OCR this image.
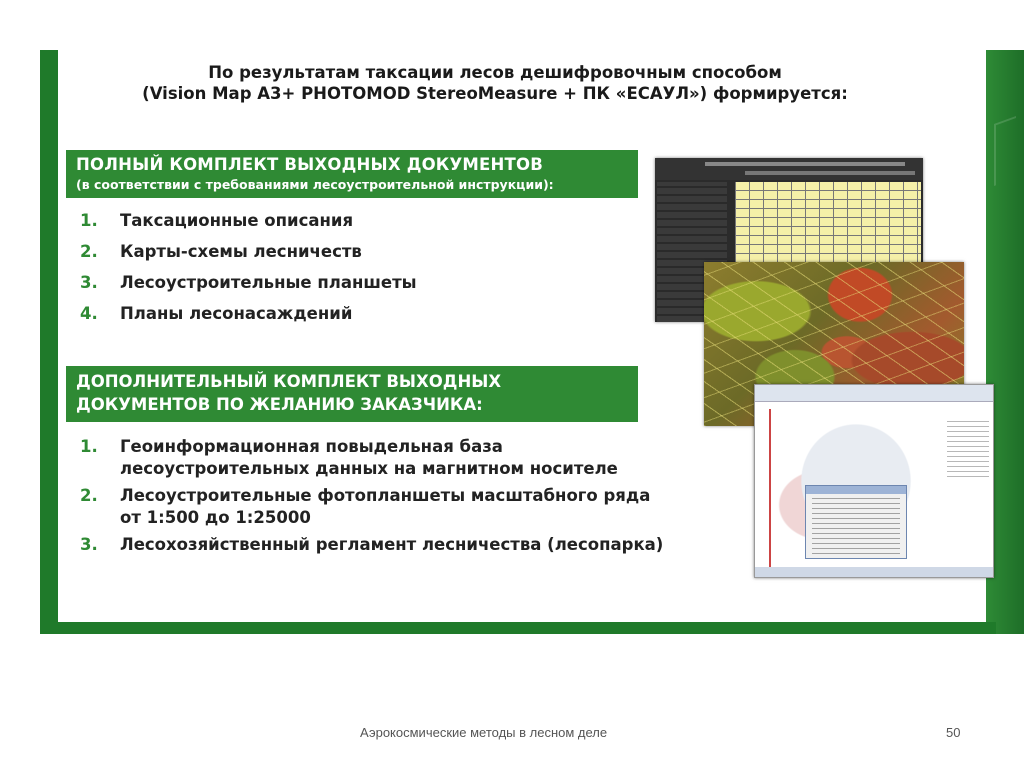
По результатам таксации лесов дешифровочным способом
(Vision Map A3+ PHOTOMOD StereoMeasure + ПК «ЕСАУЛ») формируется:
ПОЛНЫЙ КОМПЛЕКТ ВЫХОДНЫХ ДОКУМЕНТОВ
(в соответствии с требованиями лесоустроительной инструкции):
1. Таксационные описания
2. Карты-схемы лесничеств
3. Лесоустроительные планшеты
4. Планы лесонасаждений
ДОПОЛНИТЕЛЬНЫЙ КОМПЛЕКТ ВЫХОДНЫХ
ДОКУМЕНТОВ ПО ЖЕЛАНИЮ ЗАКАЗЧИКА:
1. Геоинформационная повыдельная база
лесоустроительных данных на магнитном носителе
2. Лесоустроительные фотопланшеты масштабного ряда
от 1:500 до 1:25000
3. Лесохозяйственный регламент лесничества (лесопарка)
Аэрокосмические методы в лесном деле	50
